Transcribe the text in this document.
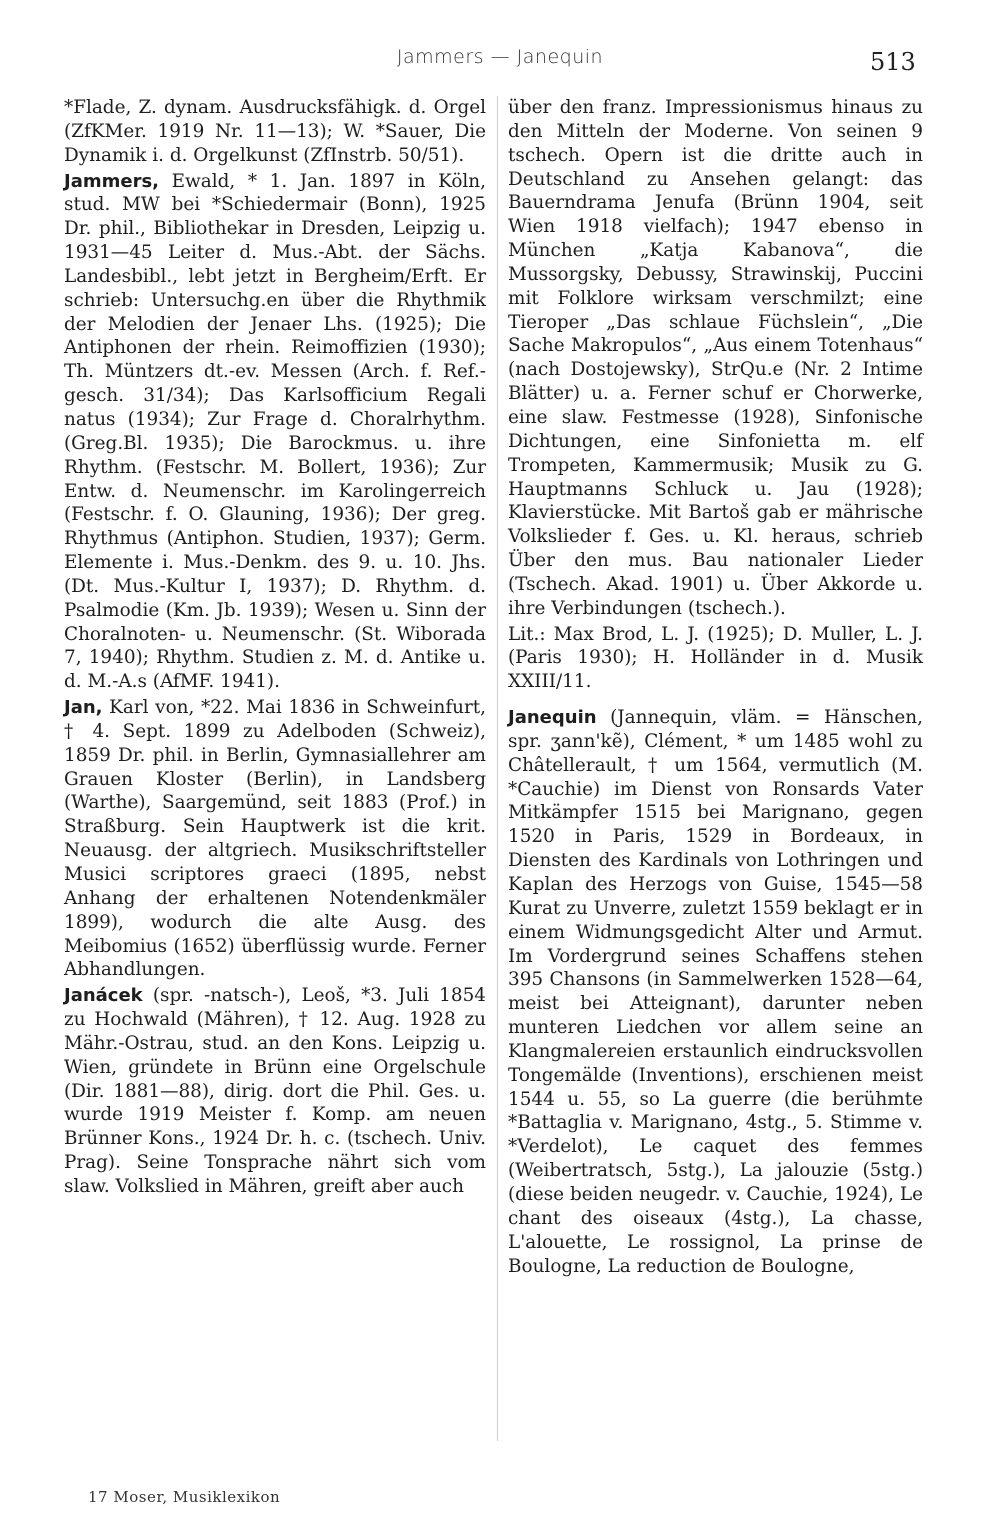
Jammers — Janequin	513

*Flade, Z. dynam. Ausdrucksfähigk. d. Orgel (ZfKMer. 1919 Nr. 11—13); W. *Sauer, Die Dynamik i. d. Orgelkunst (ZfInstrb. 50/51).

Jammers, Ewald, * 1. Jan. 1897 in Köln, stud. MW bei *Schiedermair (Bonn), 1925 Dr. phil., Bibliothekar in Dresden, Leipzig u. 1931—45 Leiter d. Mus.-Abt. der Sächs. Landesbibl., lebt jetzt in Bergheim/Erft. Er schrieb: Untersuchg.en über die Rhythmik der Melodien der Jenaer Lhs. (1925); Die Antiphonen der rhein. Reimoffizien (1930); Th. Müntzers dt.-ev. Messen (Arch. f. Ref.-gesch. 31/34); Das Karlsofficium Regali natus (1934); Zur Frage d. Choralrhythm. (Greg.Bl. 1935); Die Barockmus. u. ihre Rhythm. (Festschr. M. Bollert, 1936); Zur Entw. d. Neumenschr. im Karolingerreich (Festschr. f. O. Glauning, 1936); Der greg. Rhythmus (Antiphon. Studien, 1937); Germ. Elemente i. Mus.-Denkm. des 9. u. 10. Jhs. (Dt. Mus.-Kultur I, 1937); D. Rhythm. d. Psalmodie (Km. Jb. 1939); Wesen u. Sinn der Choralnoten- u. Neumenschr. (St. Wiborada 7, 1940); Rhythm. Studien z. M. d. Antike u. d. M.-A.s (AfMF. 1941).

Jan, Karl von, *22. Mai 1836 in Schweinfurt, † 4. Sept. 1899 zu Adelboden (Schweiz), 1859 Dr. phil. in Berlin, Gymnasiallehrer am Grauen Kloster (Berlin), in Landsberg (Warthe), Saargemünd, seit 1883 (Prof.) in Straßburg. Sein Hauptwerk ist die krit. Neuausg. der altgriech. Musikschriftsteller Musici scriptores graeci (1895, nebst Anhang der erhaltenen Notendenkmäler 1899), wodurch die alte Ausg. des Meibomius (1652) überflüssig wurde. Ferner Abhandlungen.

Janácek (spr. -natsch-), Leoš, *3. Juli 1854 zu Hochwald (Mähren), † 12. Aug. 1928 zu Mähr.-Ostrau, stud. an den Kons. Leipzig u. Wien, gründete in Brünn eine Orgelschule (Dir. 1881—88), dirig. dort die Phil. Ges. u. wurde 1919 Meister f. Komp. am neuen Brünner Kons., 1924 Dr. h. c. (tschech. Univ. Prag). Seine Tonsprache nährt sich vom slaw. Volkslied in Mähren, greift aber auch

über den franz. Impressionismus hinaus zu den Mitteln der Moderne. Von seinen 9 tschech. Opern ist die dritte auch in Deutschland zu Ansehen gelangt: das Bauerndrama Jenufa (Brünn 1904, seit Wien 1918 vielfach); 1947 ebenso in München „Katja Kabanova“, die Mussorgsky, Debussy, Strawinskij, Puccini mit Folklore wirksam verschmilzt; eine Tieroper „Das schlaue Füchslein“, „Die Sache Makropulos“, „Aus einem Totenhaus“ (nach Dostojewsky), StrQu.e (Nr. 2 Intime Blätter) u. a. Ferner schuf er Chorwerke, eine slaw. Festmesse (1928), Sinfonische Dichtungen, eine Sinfonietta m. elf Trompeten, Kammermusik; Musik zu G. Hauptmanns Schluck u. Jau (1928); Klavierstücke. Mit Bartoš gab er mährische Volkslieder f. Ges. u. Kl. heraus, schrieb Über den mus. Bau nationaler Lieder (Tschech. Akad. 1901) u. Über Akkorde u. ihre Verbindungen (tschech.).

Lit.: Max Brod, L. J. (1925); D. Muller, L. J. (Paris 1930); H. Holländer in d. Musik XXIII/11.

Janequin (Jannequin, vläm. = Hänschen, spr. ʒann'kẽ), Clément, * um 1485 wohl zu Châtellerault, † um 1564, vermutlich (M. *Cauchie) im Dienst von Ronsards Vater Mitkämpfer 1515 bei Marignano, gegen 1520 in Paris, 1529 in Bordeaux, in Diensten des Kardinals von Lothringen und Kaplan des Herzogs von Guise, 1545—58 Kurat zu Unverre, zuletzt 1559 beklagt er in einem Widmungsgedicht Alter und Armut. Im Vordergrund seines Schaffens stehen 395 Chansons (in Sammelwerken 1528—64, meist bei Atteignant), darunter neben munteren Liedchen vor allem seine an Klangmalereien erstaunlich eindrucksvollen Tongemälde (Inventions), erschienen meist 1544 u. 55, so La guerre (die berühmte *Battaglia v. Marignano, 4stg., 5. Stimme v. *Verdelot), Le caquet des femmes (Weibertratsch, 5stg.), La jalouzie (5stg.) (diese beiden neugedr. v. Cauchie, 1924), Le chant des oiseaux (4stg.), La chasse, L'alouette, Le rossignol, La prinse de Boulogne, La reduction de Boulogne,

17 Moser, Musiklexikon
